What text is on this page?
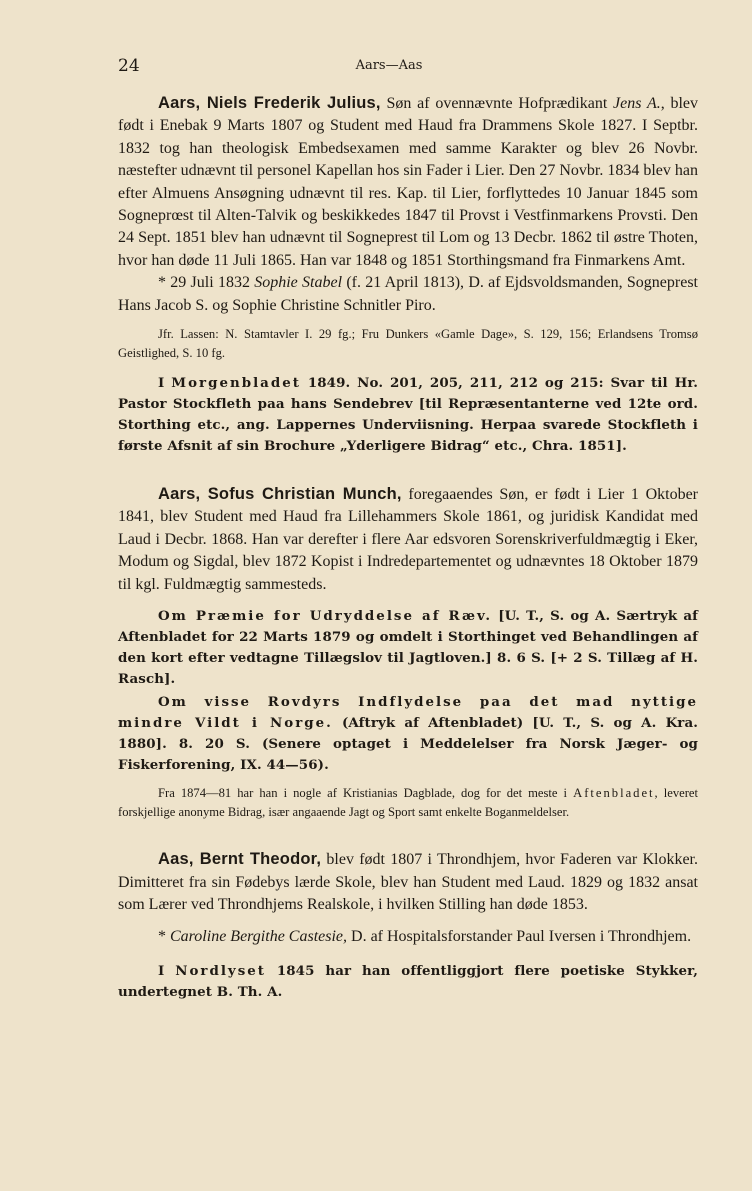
24	Aars—Aas

Aars, Niels Frederik Julius, Søn af ovennævnte Hofprædikant Jens A., blev født i Enebak 9 Marts 1807 og Student med Haud fra Drammens Skole 1827. I Septbr. 1832 tog han theologisk Embedsexamen med samme Karakter og blev 26 Novbr. næstefter udnævnt til personel Kapellan hos sin Fader i Lier. Den 27 Novbr. 1834 blev han efter Almuens Ansøgning udnævnt til res. Kap. til Lier, forflyttedes 10 Januar 1845 som Sogneprœst til Alten-Talvik og beskikkedes 1847 til Provst i Vestfinmarkens Provsti. Den 24 Sept. 1851 blev han udnævnt til Sogneprest til Lom og 13 Decbr. 1862 til østre Thoten, hvor han døde 11 Juli 1865. Han var 1848 og 1851 Storthingsmand fra Finmarkens Amt.

* 29 Juli 1832 Sophie Stabel (f. 21 April 1813), D. af Ejdsvoldsmanden, Sogneprest Hans Jacob S. og Sophie Christine Schnitler Piro.

Jfr. Lassen: N. Stamtavler I. 29 fg.; Fru Dunkers «Gamle Dage», S. 129, 156; Erlandsens Tromsø Geistlighed, S. 10 fg.

I Morgenbladet 1849. No. 201, 205, 211, 212 og 215: Svar til Hr. Pastor Stockfleth paa hans Sendebrev [til Repræsentanterne ved 12te ord. Storthing etc., ang. Lappernes Underviisning. Herpaa svarede Stockfleth i første Afsnit af sin Brochure „Yderligere Bidrag“ etc., Chra. 1851].

Aars, Sofus Christian Munch, foregaaendes Søn, er født i Lier 1 Oktober 1841, blev Student med Haud fra Lillehammers Skole 1861, og juridisk Kandidat med Laud i Decbr. 1868. Han var derefter i flere Aar edsvoren Sorenskriverfuldmægtig i Eker, Modum og Sigdal, blev 1872 Kopist i Indredepartementet og udnævntes 18 Oktober 1879 til kgl. Fuldmægtig sammesteds.

Om Præmie for Udryddelse af Ræv. [U. T., S. og A. Særtryk af Aftenbladet for 22 Marts 1879 og omdelt i Storthinget ved Behandlingen af den kort efter vedtagne Tillægslov til Jagtloven.] 8. 6 S. [+ 2 S. Tillæg af H. Rasch].

Om visse Rovdyrs Indflydelse paa det mad nyttige mindre Vildt i Norge. (Aftryk af Aftenbladet) [U. T., S. og A. Kra. 1880]. 8. 20 S. (Senere optaget i Meddelelser fra Norsk Jæger- og Fiskerforening, IX. 44—56).

Fra 1874—81 har han i nogle af Kristianias Dagblade, dog for det meste i Aftenbladet, leveret forskjellige anonyme Bidrag, især angaaende Jagt og Sport samt enkelte Boganmeldelser.

Aas, Bernt Theodor, blev født 1807 i Throndhjem, hvor Faderen var Klokker. Dimitteret fra sin Fødebys lærde Skole, blev han Student med Laud. 1829 og 1832 ansat som Lærer ved Throndhjems Realskole, i hvilken Stilling han døde 1853.

* Caroline Bergithe Castesie, D. af Hospitalsforstander Paul Iversen i Throndhjem.

I Nordlyset 1845 har han offentliggjort flere poetiske Stykker, undertegnet B. Th. A.
